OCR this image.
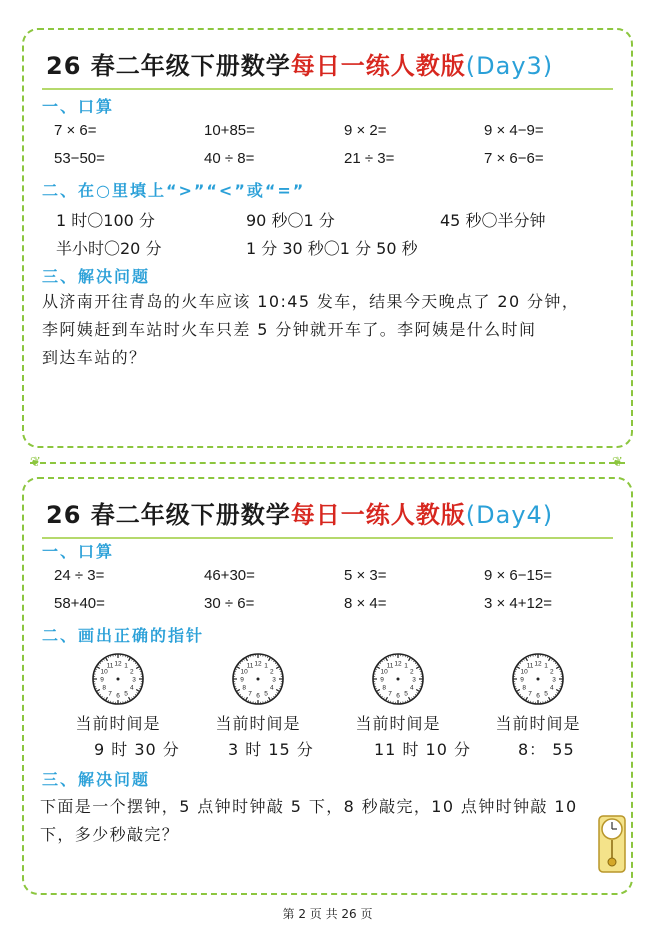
26 春二年级下册数学每日一练人教版(Day3)
一、口算
7 × 6=	10+85=	9 × 2=	9 × 4−9=
53−50=	40 ÷ 8=	21 ÷ 3=	7 × 6−6=
二、在○里填上“>”“<”或“=”
1 时〇100 分	90 秒〇1 分	45 秒〇半分钟
半小时〇20 分	1 分 30 秒〇1 分 50 秒
三、解决问题
从济南开往青岛的火车应该 10:45 发车，结果今天晚点了 20 分钟，
李阿姨赶到车站时火车只差 5 分钟就开车了。李阿姨是什么时间
到达车站的？
❦	❦
26 春二年级下册数学每日一练人教版(Day4)
一、口算
24 ÷ 3=	46+30=	5 × 3=	9 × 6−15=
58+40=	30 ÷ 6=	8 × 4=	3 × 4+12=
二、画出正确的指针
1
2
3
4
5
6
7
8
9
10
11 12
当前时间是
9 时 30 分
1
2
3
4
5
6
7
8
9
10
11 12
当前时间是
3 时 15 分
1
2
3
4
5
6
7
8
9
10
11 12
当前时间是
11 时 10 分
1
2
3
4
5
6
7
8
9
10
11 12
当前时间是
8： 55
三、解决问题
下面是一个摆钟，5 点钟时钟敲 5 下，8 秒敲完，10 点钟时钟敲 10
下，多少秒敲完？
第 2 页 共 26 页
